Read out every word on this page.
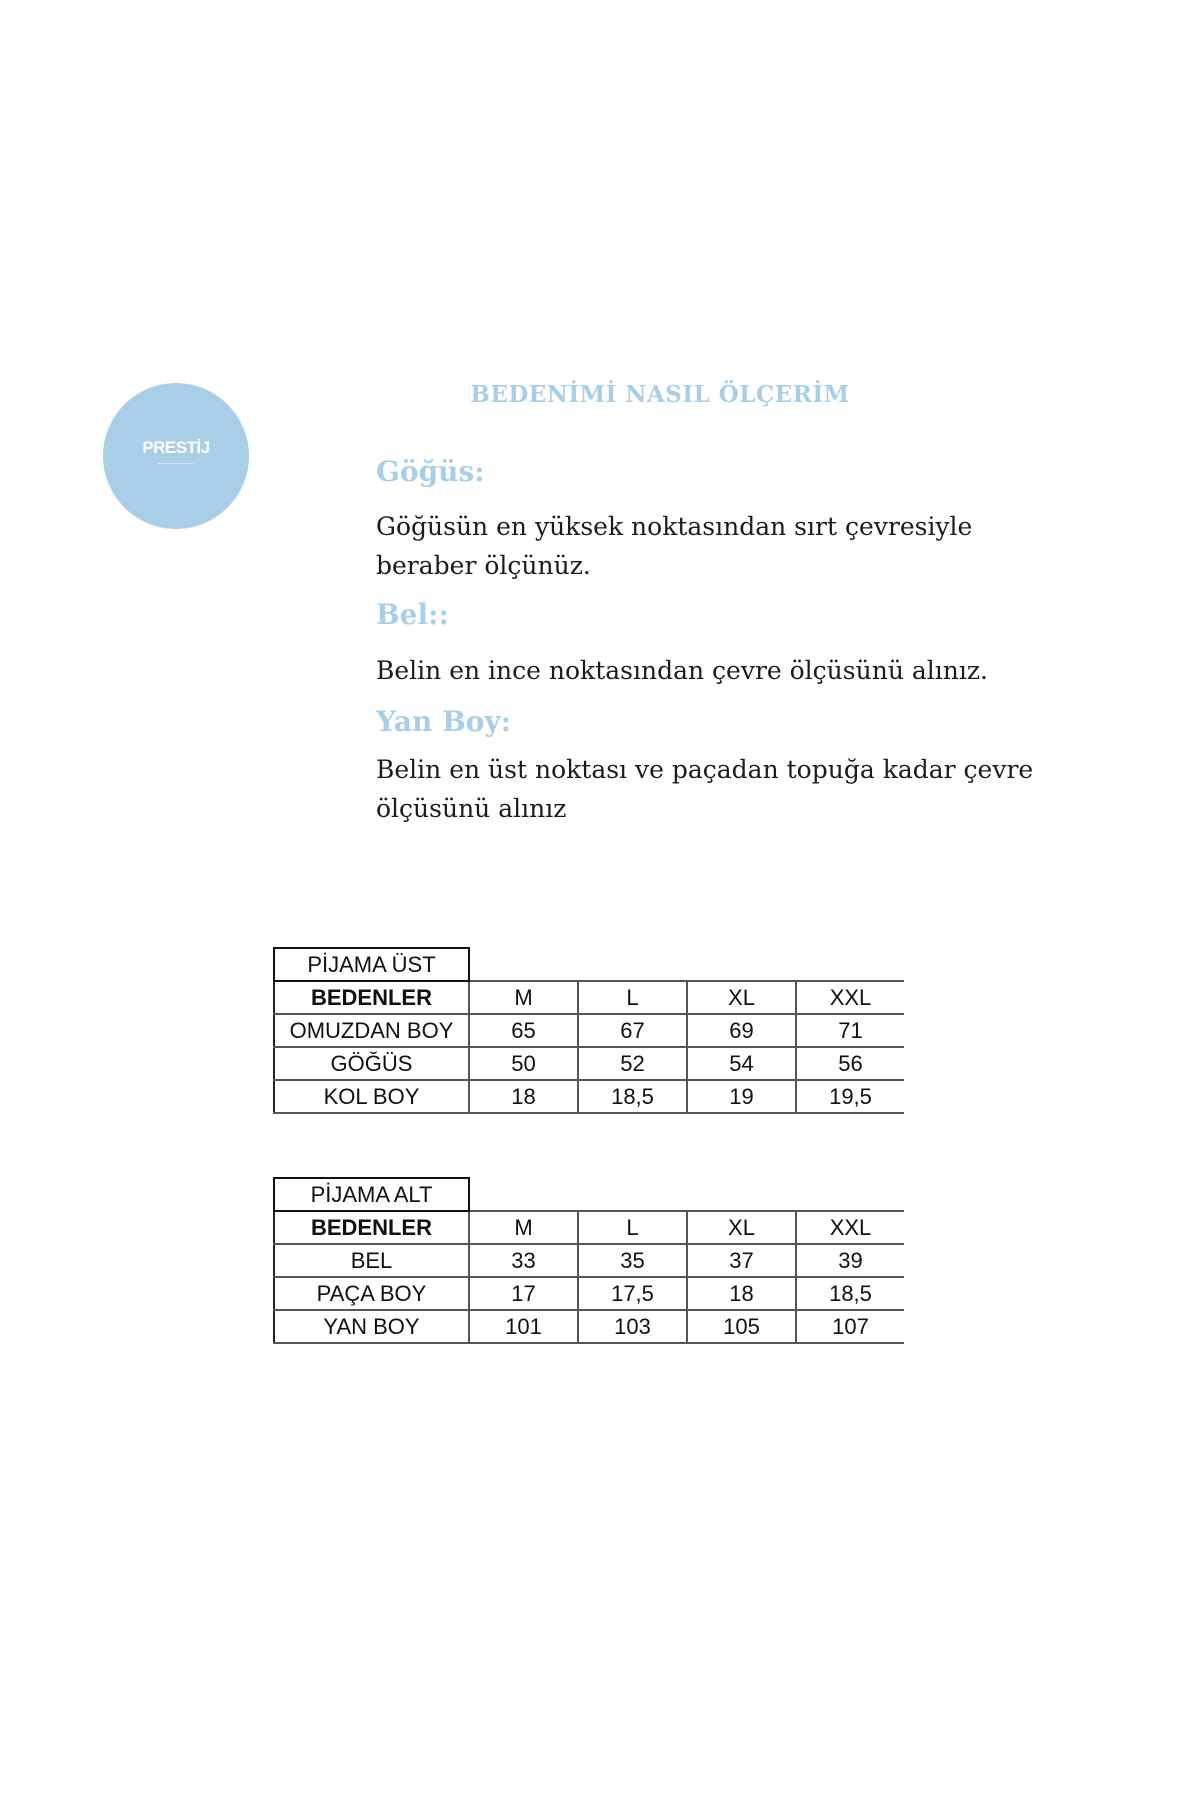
PRESTİJ
BEDENİMİ NASIL ÖLÇERİM
Göğüs:
Göğüsün en yüksek noktasından sırt çevresiyle beraber ölçünüz.
Bel::
Belin en ince noktasından çevre ölçüsünü alınız.
Yan Boy:
Belin en üst noktası ve paçadan topuğa kadar çevre ölçüsünü alınız
PİJAMA ÜST				
BEDENLER	M	L	XL	XXL
OMUZDAN BOY	65	67	69	71
GÖĞÜS	50	52	54	56
KOL BOY	18	18,5	19	19,5
PİJAMA ALT				
BEDENLER	M	L	XL	XXL
BEL	33	35	37	39
PAÇA BOY	17	17,5	18	18,5
YAN BOY	101	103	105	107
